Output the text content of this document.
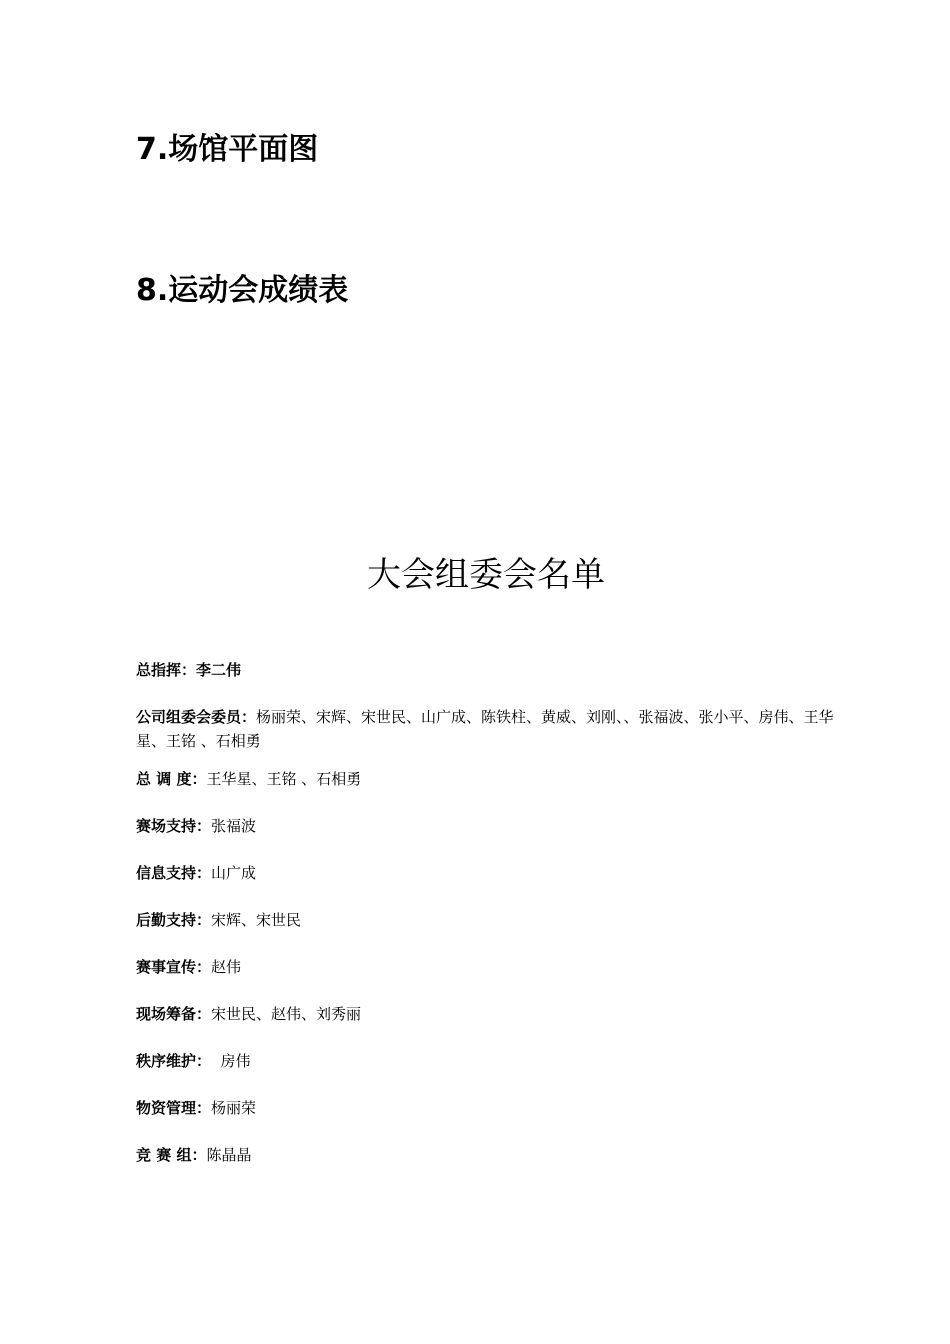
7.场馆平面图
8.运动会成绩表
大会组委会名单
总指挥：李二伟
公司组委会委员：杨丽荣、宋辉、宋世民、山广成、陈铁柱、黄威、刘刚、、张福波、张小平、房伟、王华星、王铭 、石相勇
总 调 度：王华星、王铭 、石相勇
赛场支持：张福波
信息支持：山广成
后勤支持：宋辉、宋世民
赛事宣传：赵伟
现场筹备：宋世民、赵伟、刘秀丽
秩序维护：  房伟
物资管理：杨丽荣
竞 赛 组：陈晶晶
